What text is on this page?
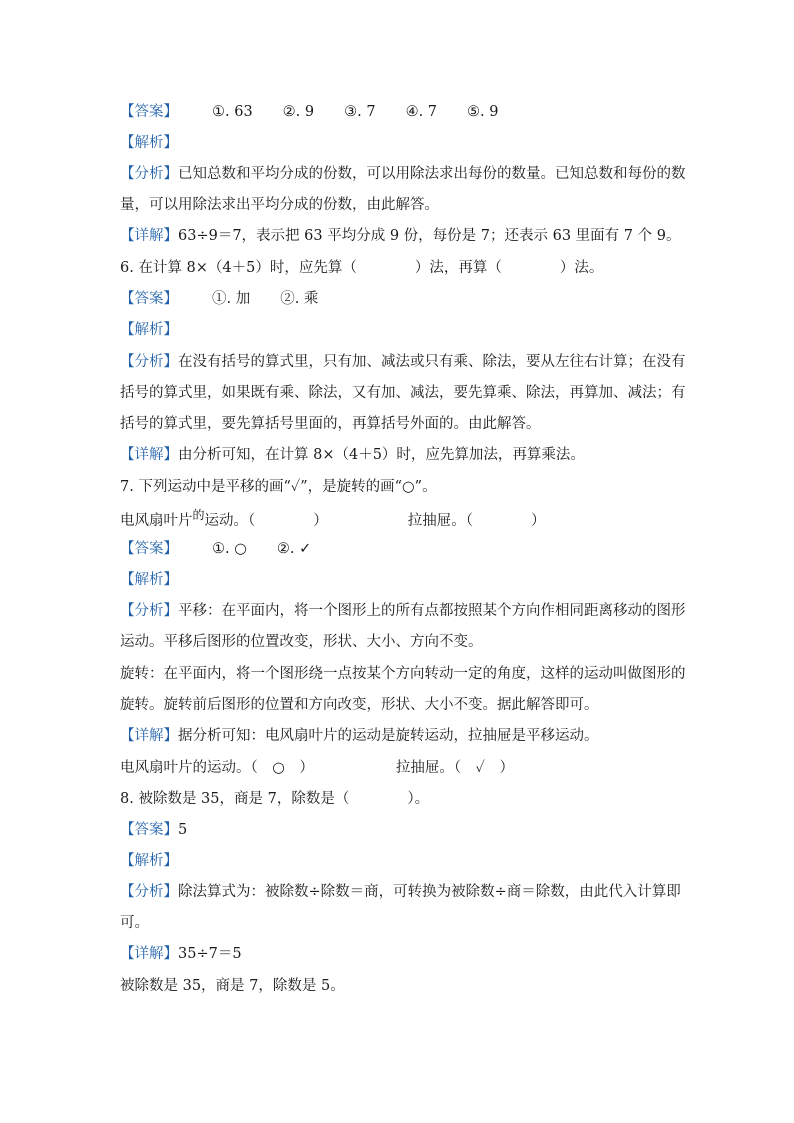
【答案】 ①. 63 ②. 9 ③. 7 ④. 7 ⑤. 9
【解析】
【分析】已知总数和平均分成的份数，可以用除法求出每份的数量。已知总数和每份的数
量，可以用除法求出平均分成的份数，由此解答。
【详解】63÷9＝7，表示把 63 平均分成 9 份，每份是 7；还表示 63 里面有 7 个 9。
6. 在计算 8×（4＋5）时，应先算（　　　　）法，再算（　　　　）法。
【答案】 ①. 加 ②. 乘
【解析】
【分析】在没有括号的算式里，只有加、减法或只有乘、除法，要从左往右计算；在没有
括号的算式里，如果既有乘、除法，又有加、减法，要先算乘、除法，再算加、减法；有
括号的算式里，要先算括号里面的，再算括号外面的。由此解答。
【详解】由分析可知，在计算 8×（4＋5）时，应先算加法，再算乘法。
7. 下列运动中是平移的画“✓”，是旋转的画“○”。
电风扇叶片$^的$运动。（　　　　）	拉抽屉。（　　　　）
【答案】 ①. ○ ②. ✓
【解析】
【分析】平移：在平面内，将一个图形上的所有点都按照某个方向作相同距离移动的图形
运动。平移后图形的位置改变，形状、大小、方向不变。
旋转：在平面内，将一个图形绕一点按某个方向转动一定的角度，这样的运动叫做图形的
旋转。旋转前后图形的位置和方向改变，形状、大小不变。据此解答即可。
【详解】据分析可知：电风扇叶片的运动是旋转运动，拉抽屉是平移运动。
电风扇叶片的运动。（　○　）	拉抽屉。（　✓　）
8. 被除数是 35，商是 7，除数是（　　　　）。
【答案】5
【解析】
【分析】除法算式为：被除数÷除数＝商，可转换为被除数÷商＝除数，由此代入计算即
可。
【详解】35÷7＝5
被除数是 35，商是 7，除数是 5。
